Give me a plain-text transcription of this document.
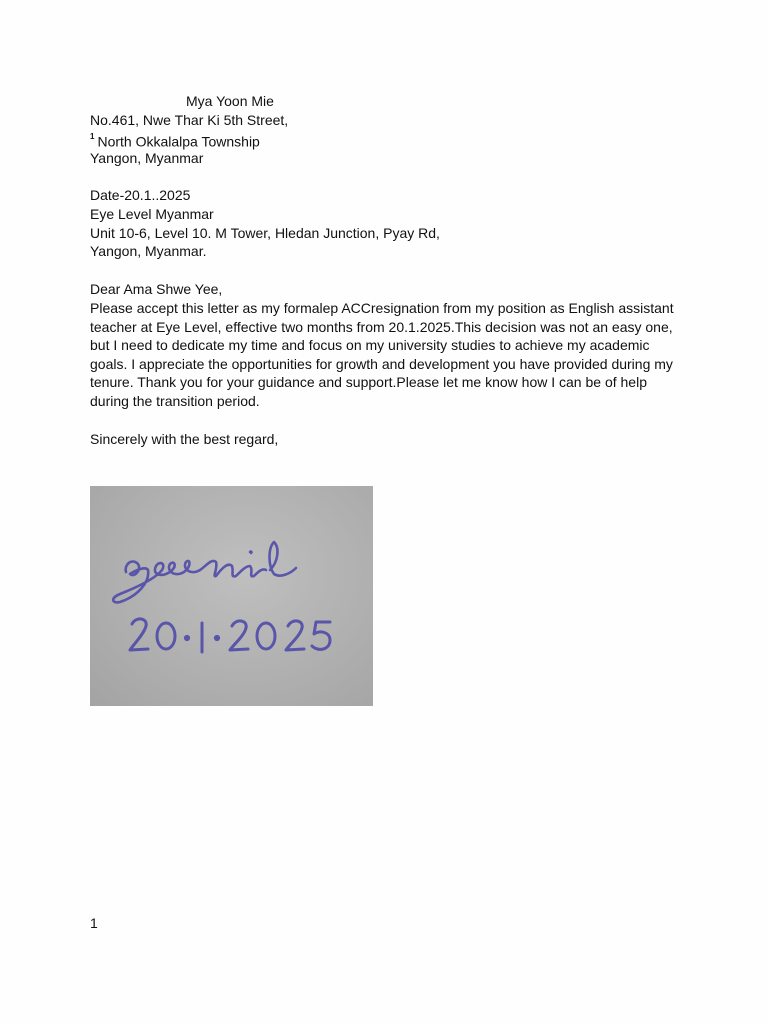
Mya Yoon Mie
No.461, Nwe Thar Ki 5th Street,
$^1$ North Okkalalpa Township
Yangon, Myanmar
Date-20.1..2025
Eye Level Myanmar
Unit 10-6, Level 10. M Tower, Hledan Junction, Pyay Rd,
Yangon, Myanmar.
Dear Ama Shwe Yee,
Please accept this letter as my formalep ACCresignation from my position as English assistant
teacher at Eye Level, effective two months from 20.1.2025.This decision was not an easy one,
but I need to dedicate my time and focus on my university studies to achieve my academic
goals. I appreciate the opportunities for growth and development you have provided during my
tenure. Thank you for your guidance and support.Please let me know how I can be of help
during the transition period.
Sincerely with the best regard,
1
